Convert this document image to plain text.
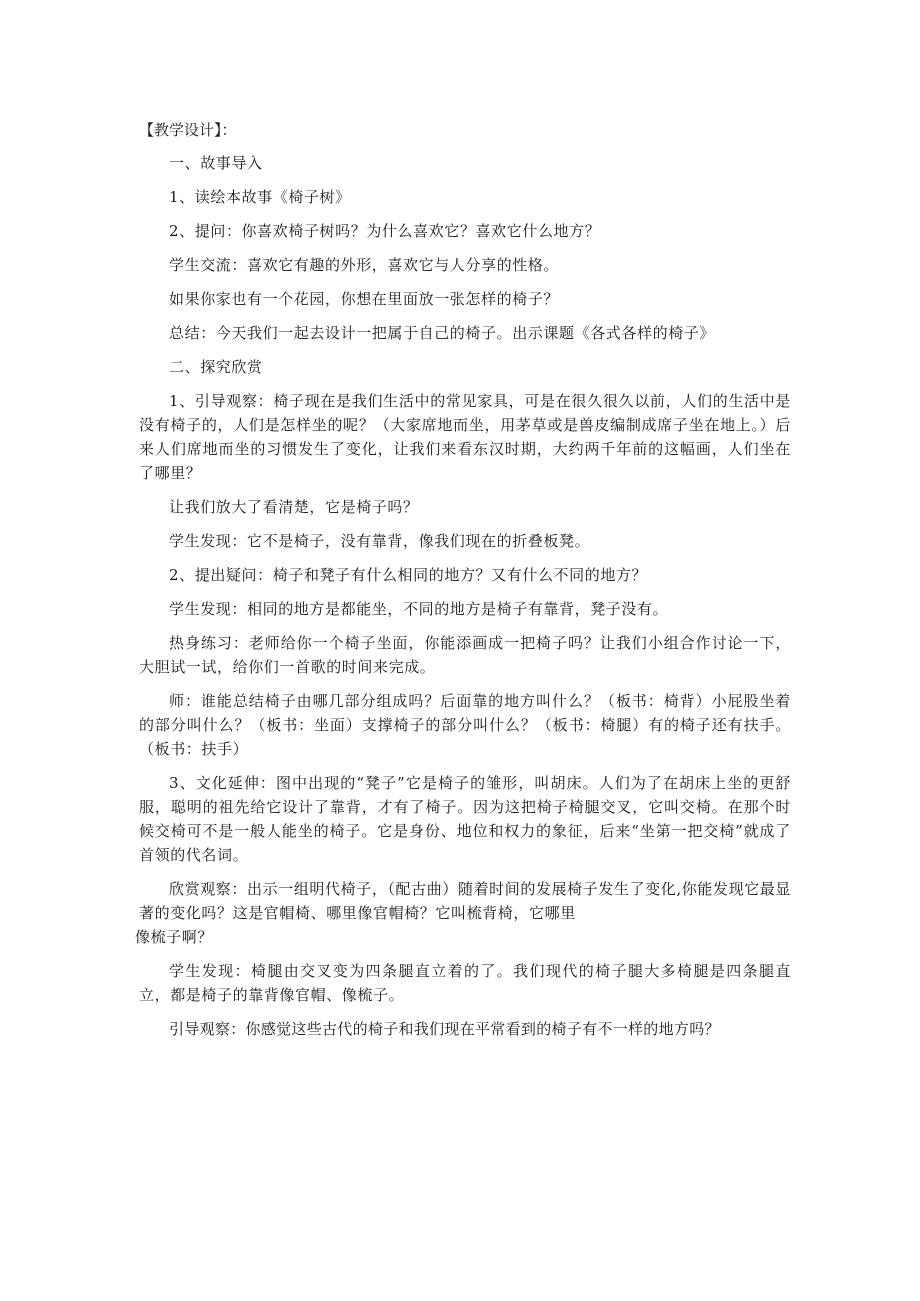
【教学设计】：

一、故事导入

1、读绘本故事《椅子树》

2、提问：你喜欢椅子树吗？为什么喜欢它？喜欢它什么地方？

学生交流：喜欢它有趣的外形，喜欢它与人分享的性格。

如果你家也有一个花园，你想在里面放一张怎样的椅子？

总结：今天我们一起去设计一把属于自己的椅子。出示课题《各式各样的椅子》

二、探究欣赏

1、引导观察：椅子现在是我们生活中的常见家具，可是在很久很久以前，人们的生活中是没有椅子的，人们是怎样坐的呢？（大家席地而坐，用茅草或是兽皮编制成席子坐在地上。）后来人们席地而坐的习惯发生了变化，让我们来看东汉时期，大约两千年前的这幅画，人们坐在了哪里？

让我们放大了看清楚，它是椅子吗？

学生发现：它不是椅子，没有靠背，像我们现在的折叠板凳。

2、提出疑问：椅子和凳子有什么相同的地方？又有什么不同的地方？

学生发现：相同的地方是都能坐，不同的地方是椅子有靠背，凳子没有。

热身练习：老师给你一个椅子坐面，你能添画成一把椅子吗？让我们小组合作讨论一下，大胆试一试，给你们一首歌的时间来完成。

师：谁能总结椅子由哪几部分组成吗？后面靠的地方叫什么？（板书：椅背）小屁股坐着的部分叫什么？（板书：坐面）支撑椅子的部分叫什么？（板书：椅腿）有的椅子还有扶手。（板书：扶手）

3、文化延伸：图中出现的“凳子”它是椅子的雏形，叫胡床。人们为了在胡床上坐的更舒服，聪明的祖先给它设计了靠背，才有了椅子。因为这把椅子椅腿交叉，它叫交椅。在那个时候交椅可不是一般人能坐的椅子。它是身份、地位和权力的象征，后来“坐第一把交椅”就成了首领的代名词。

欣赏观察：出示一组明代椅子，（配古曲）随着时间的发展椅子发生了变化,你能发现它最显著的变化吗？这是官帽椅、哪里像官帽椅？它叫梳背椅，它哪里

像梳子啊？

学生发现：椅腿由交叉变为四条腿直立着的了。我们现代的椅子腿大多椅腿是四条腿直立，都是椅子的靠背像官帽、像梳子。

引导观察：你感觉这些古代的椅子和我们现在平常看到的椅子有不一样的地方吗？
